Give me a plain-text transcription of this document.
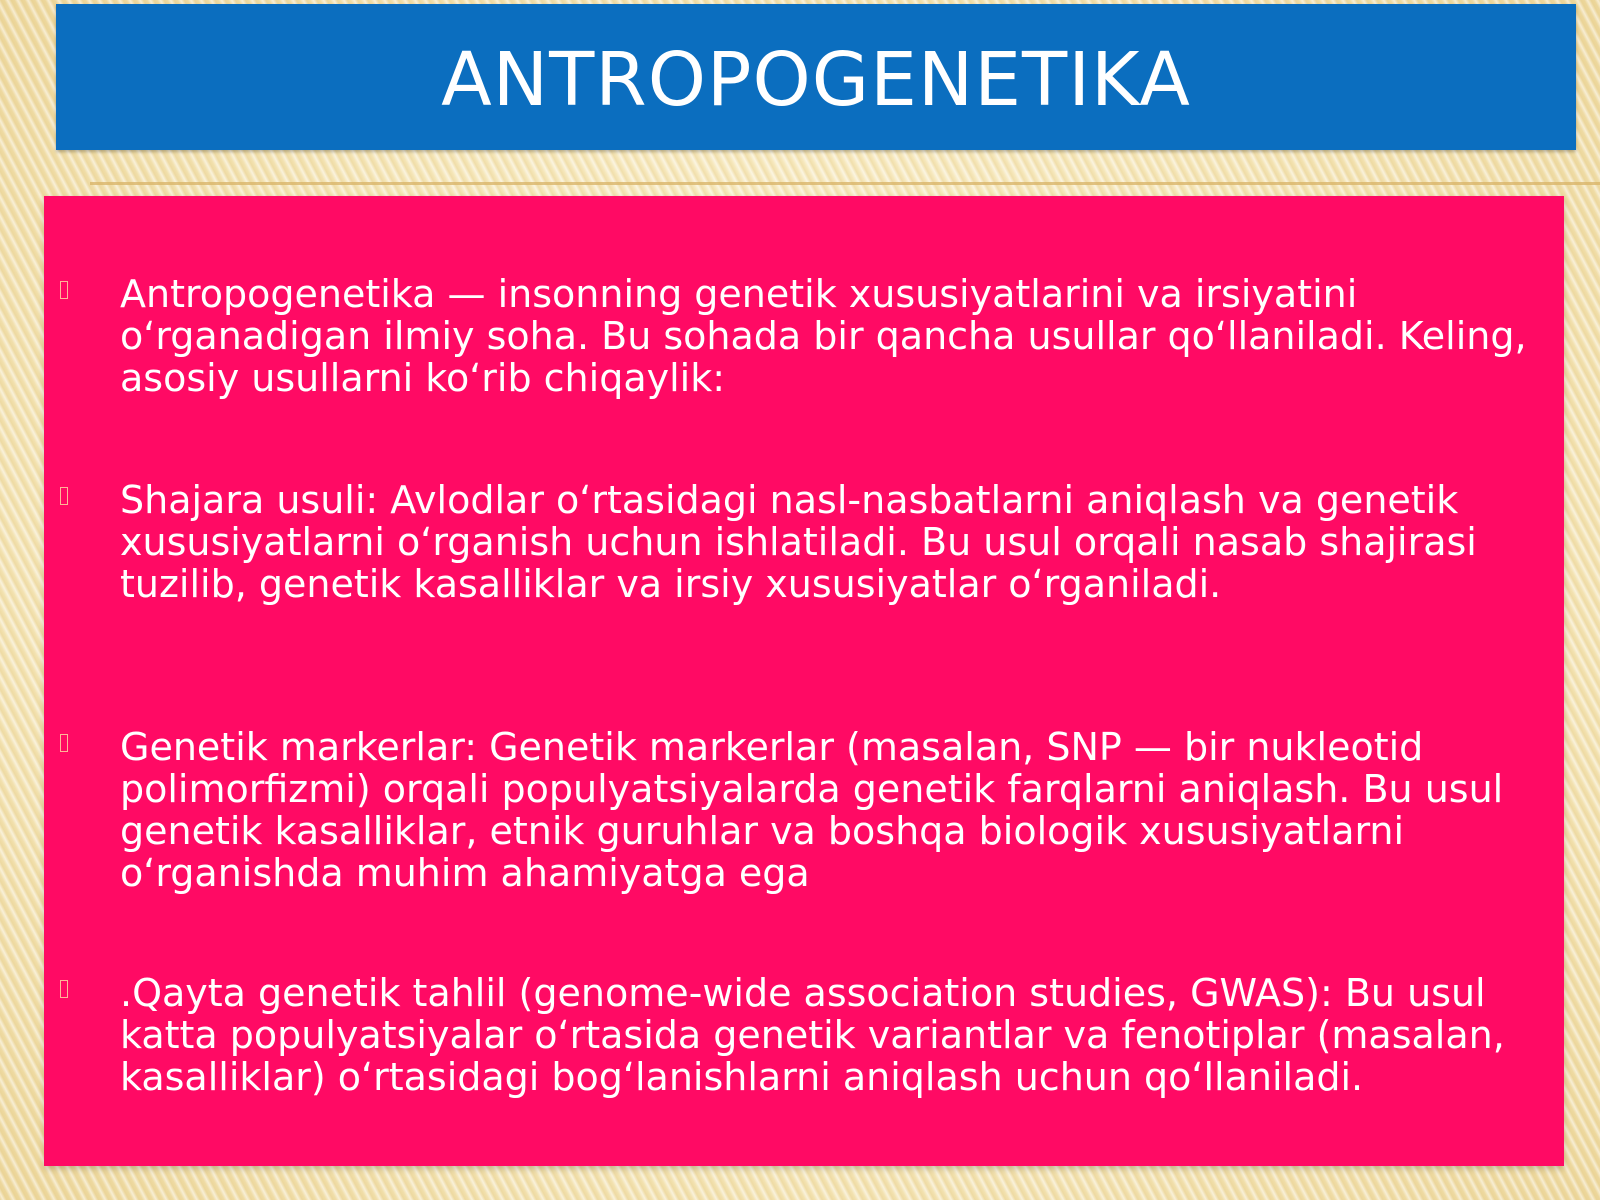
ANTROPOGENETIKA

Antropogenetika — insonning genetik xususiyatlarini va irsiyatini o‘rganadigan ilmiy soha. Bu sohada bir qancha usullar qo‘llaniladi. Keling, asosiy usullarni ko‘rib chiqaylik:

Shajara usuli: Avlodlar o‘rtasidagi nasl-nasbatlarni aniqlash va genetik xususiyatlarni o‘rganish uchun ishlatiladi. Bu usul orqali nasab shajirasi tuzilib, genetik kasalliklar va irsiy xususiyatlar o‘rganiladi.

Genetik markerlar: Genetik markerlar (masalan, SNP — bir nukleotid polimorfizmi) orqali populyatsiyalarda genetik farqlarni aniqlash. Bu usul genetik kasalliklar, etnik guruhlar va boshqa biologik xususiyatlarni o‘rganishda muhim ahamiyatga ega

.Qayta genetik tahlil (genome-wide association studies, GWAS): Bu usul katta populyatsiyalar o‘rtasida genetik variantlar va fenotiplar (masalan, kasalliklar) o‘rtasidagi bog‘lanishlarni aniqlash uchun qo‘llaniladi.
